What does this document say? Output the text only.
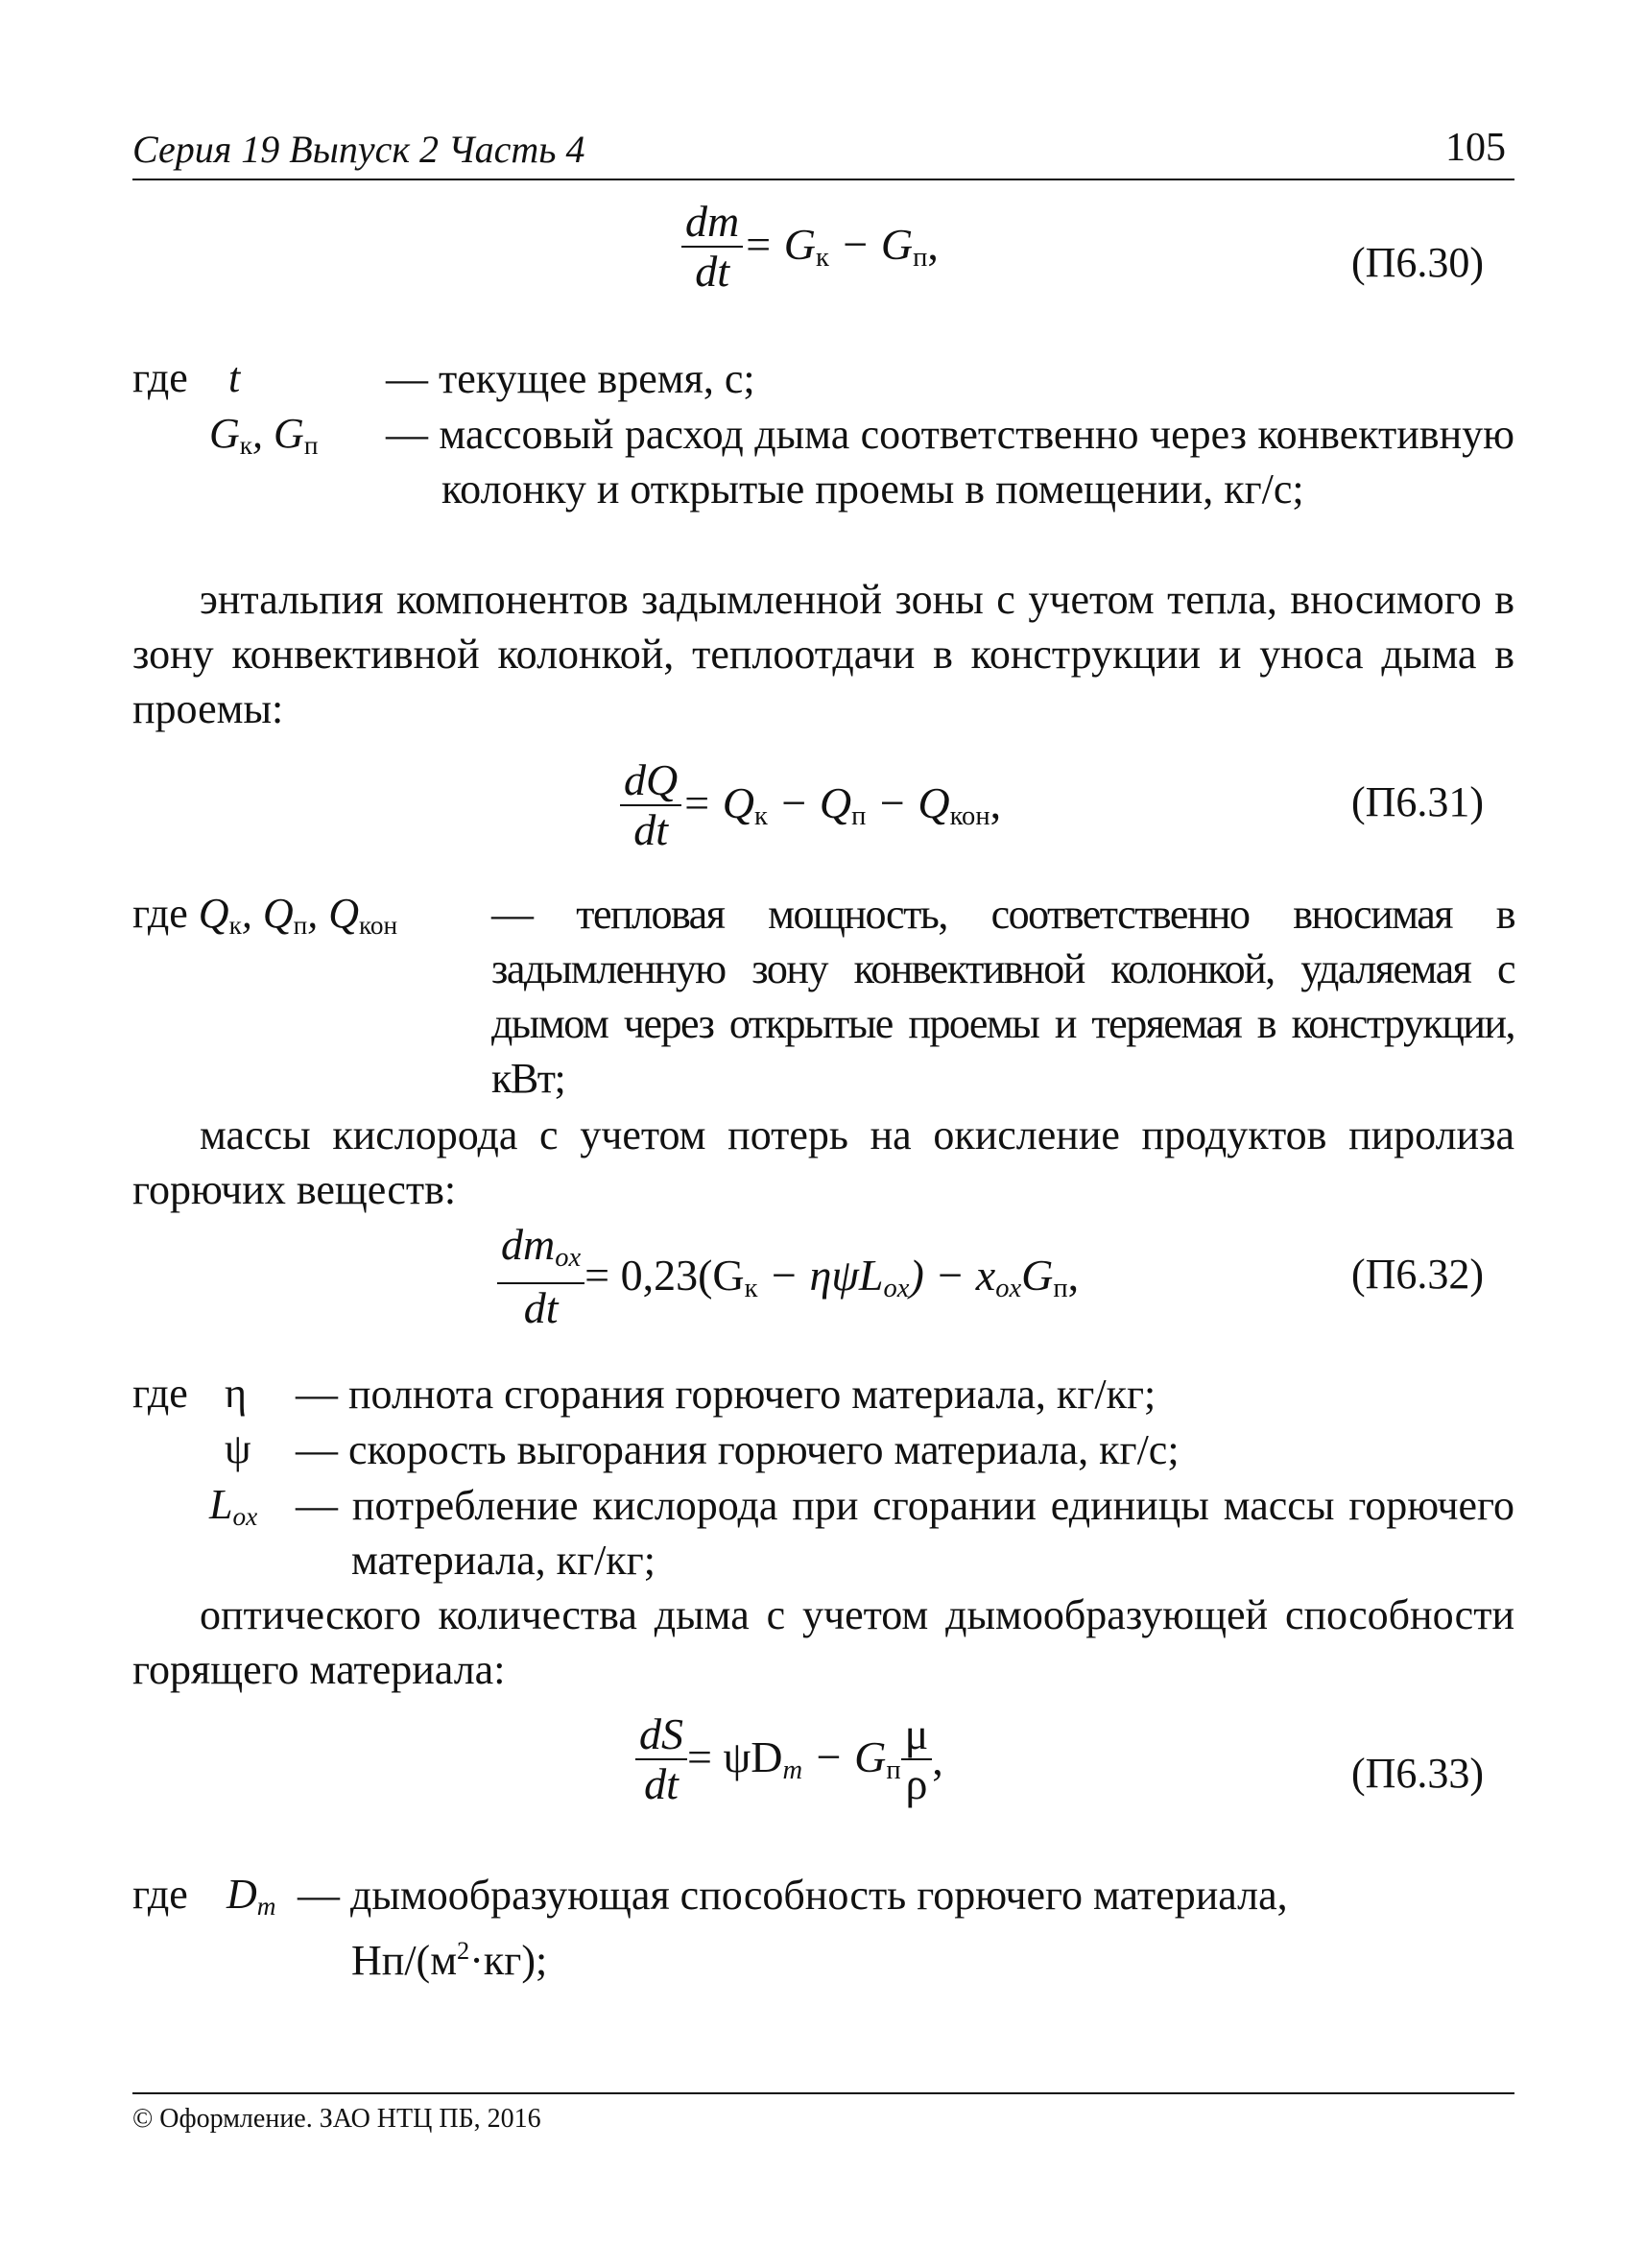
Серия 19 Выпуск 2 Часть 4	105
$\frac{dm}{dt} = G_к - G_п$,	(П6.30)
где t	— текущее время, с;
$G_к$, $G_п$ — массовый расход дыма соответственно через конвективную колонку и открытые проемы в помещении, кг/с;
энтальпия компонентов задымленной зоны с учетом тепла, вносимого в зону конвективной колонкой, теплоотдачи в конструкции и уноса дыма в проемы:
$\frac{dQ}{dt} = Q_к - Q_п - Q_{кон}$,	(П6.31)
где $Q_к$, $Q_п$, $Q_{кон}$ — тепловая мощность, соответственно вносимая в задымленную зону конвективной колонкой, удаляемая с дымом через открытые проемы и теряемая в конструкции, кВт;
массы кислорода с учетом потерь на окисление продуктов пиролиза горючих веществ:
$\frac{dm_{ox}}{dt} = 0,23(G_к - \eta\psi L_{ox}) - x_{ox}G_п$,	(П6.32)
где η — полнота сгорания горючего материала, кг/кг;
ψ — скорость выгорания горючего материала, кг/с;
$L_{ox}$ — потребление кислорода при сгорании единицы массы горючего материала, кг/кг;
оптического количества дыма с учетом дымообразующей способности горящего материала:
$\frac{dS}{dt} = \psi D_m - G_п \frac{\mu}{\rho}$ ,	(П6.33)
где $D_m$ — дымообразующая способность горючего материала,
$Нп/(м^2\cdot кг)$;
© Оформление. ЗАО НТЦ ПБ, 2016
